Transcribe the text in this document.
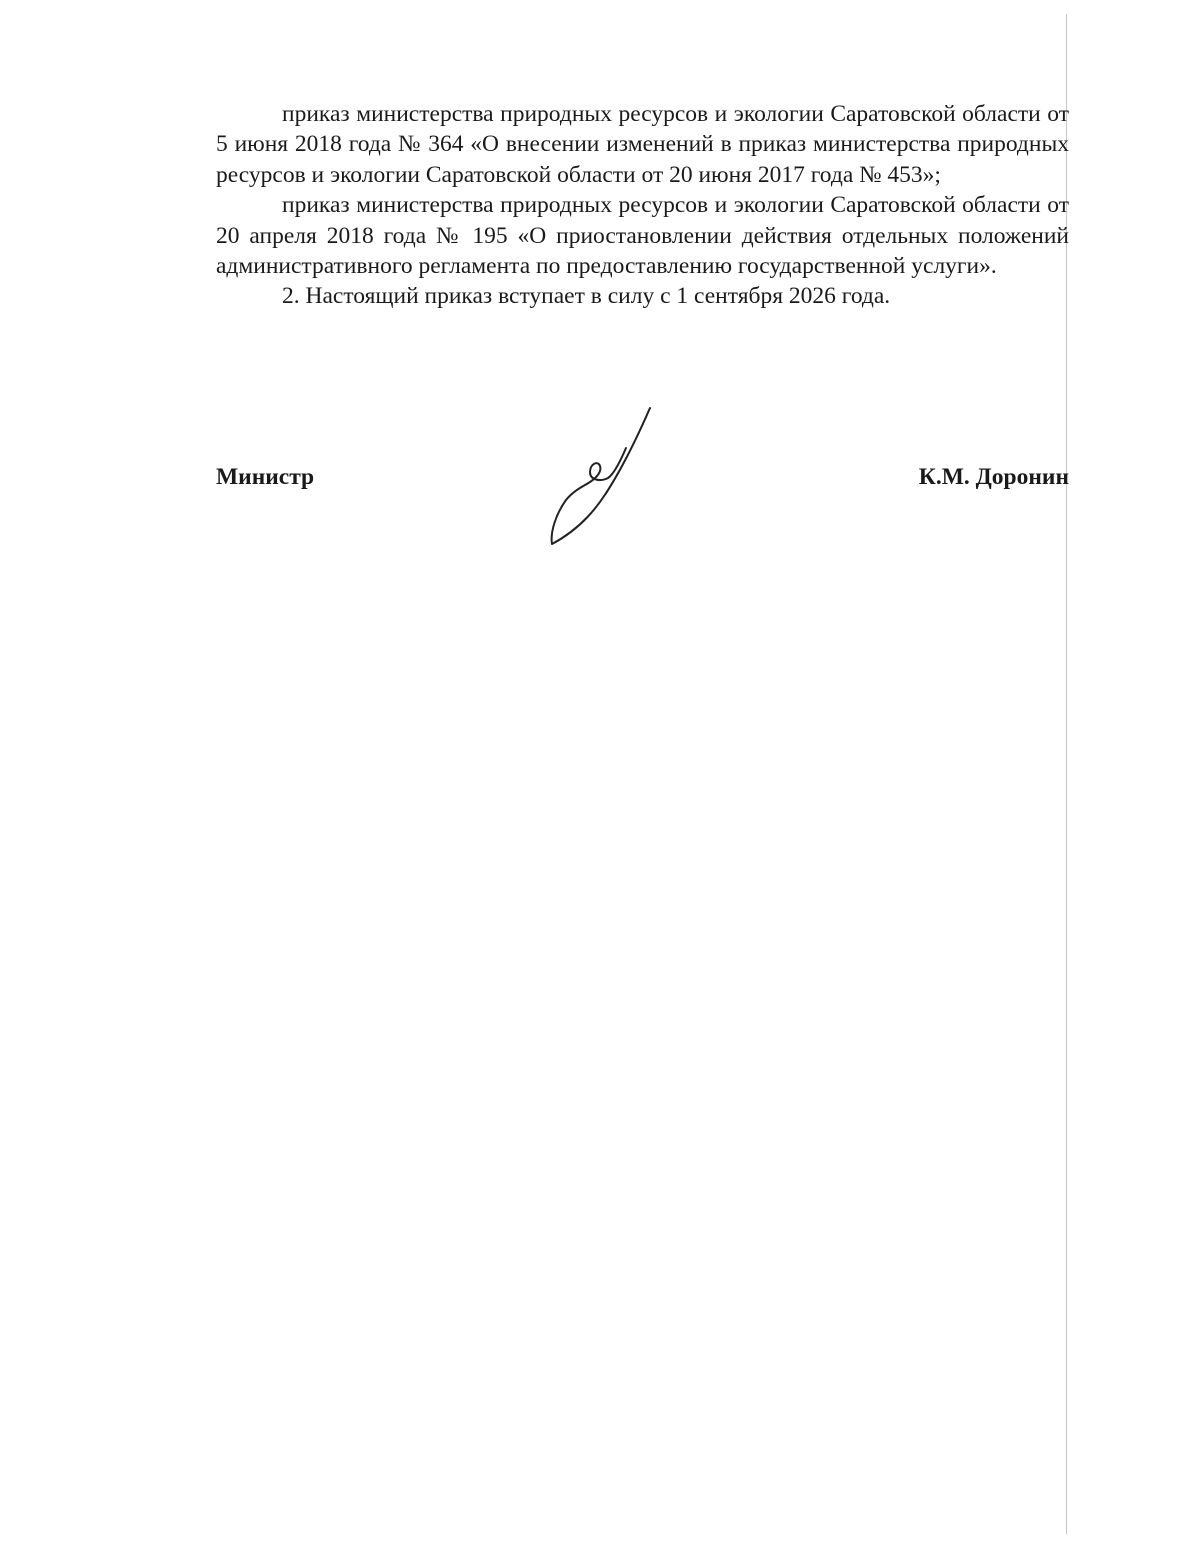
приказ министерства природных ресурсов и экологии Саратовской области от 5 июня 2018 года № 364 «О внесении изменений в приказ министерства природных ресурсов и экологии Саратовской области от 20 июня 2017 года № 453»;

приказ министерства природных ресурсов и экологии Саратовской области от 20 апреля 2018 года № 195 «О приостановлении действия отдельных положений административного регламента по предоставлению государственной услуги».

2. Настоящий приказ вступает в силу с 1 сентября 2026 года.

Министр	К.М. Доронин
